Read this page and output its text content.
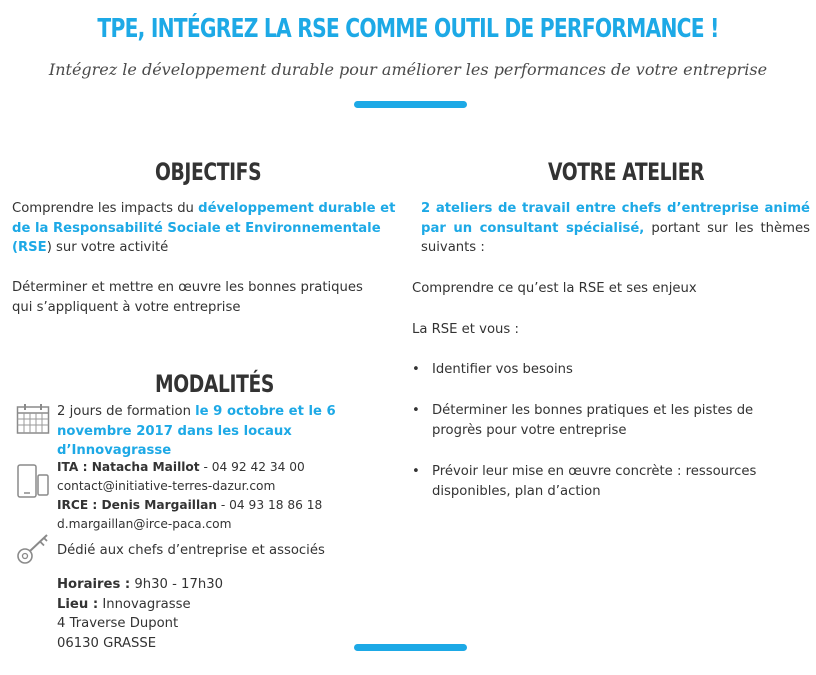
TPE, INTÉGREZ LA RSE COMME OUTIL DE PERFORMANCE !
Intégrez le développement durable pour améliorer les performances de votre entreprise
OBJECTIFS
Comprendre les impacts du développement durable et
de la Responsabilité Sociale et Environnementale
(RSE) sur votre activité
Déterminer et mettre en œuvre les bonnes pratiques
qui s’appliquent à votre entreprise
MODALITÉS
2 jours de formation le 9 octobre et le 6
novembre 2017 dans les locaux d’Innovagrasse
ITA : Natacha Maillot - 04 92 42 34 00
contact@initiative-terres-dazur.com
IRCE : Denis Margaillan - 04 93 18 86 18
d.margaillan@irce-paca.com
Dédié aux chefs d’entreprise et associés
Horaires : 9h30 - 17h30
Lieu : Innovagrasse
4 Traverse Dupont
06130 GRASSE
VOTRE ATELIER
2 ateliers de travail entre chefs d’entreprise animé par un consultant spécialisé, portant sur les thèmes suivants :
Comprendre ce qu’est la RSE et ses enjeux
La RSE et vous :
• Identifier vos besoins
• Déterminer les bonnes pratiques et les pistes de progrès pour votre entreprise
• Prévoir leur mise en œuvre concrète : ressources disponibles, plan d’action
